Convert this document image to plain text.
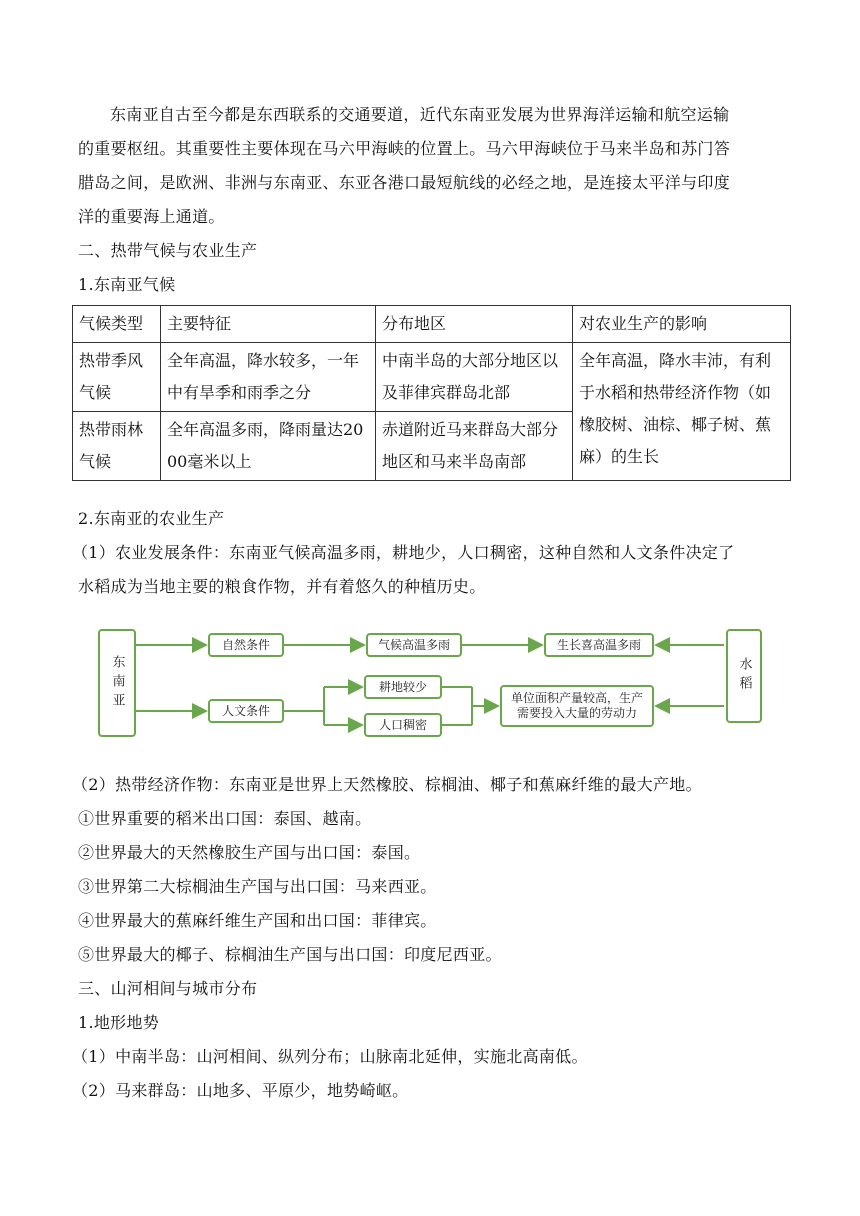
东南亚自古至今都是东西联系的交通要道，近代东南亚发展为世界海洋运输和航空运输
的重要枢纽。其重要性主要体现在马六甲海峡的位置上。马六甲海峡位于马来半岛和苏门答
腊岛之间，是欧洲、非洲与东南亚、东亚各港口最短航线的必经之地，是连接太平洋与印度
洋的重要海上通道。
二、热带气候与农业生产
1.东南亚气候
气候类型	主要特征	分布地区	对农业生产的影响
热带季风气候	全年高温，降水较多，一年中有旱季和雨季之分	中南半岛的大部分地区以及菲律宾群岛北部	全年高温，降水丰沛，有利于水稻和热带经济作物（如橡胶树、油棕、椰子树、蕉麻）的生长
热带雨林气候	全年高温多雨，降雨量达2000毫米以上	赤道附近马来群岛大部分地区和马来半岛南部	
2.东南亚的农业生产
（1）农业发展条件：东南亚气候高温多雨，耕地少，人口稠密，这种自然和人文条件决定了
水稻成为当地主要的粮食作物，并有着悠久的种植历史。
东南亚
自然条件	气候高温多雨	生长喜高温多雨
人文条件
耕地较少
人口稠密
单位面积产量较高，生产需要投入大量的劳动力
水稻
（2）热带经济作物：东南亚是世界上天然橡胶、棕榈油、椰子和蕉麻纤维的最大产地。
①世界重要的稻米出口国：泰国、越南。
②世界最大的天然橡胶生产国与出口国：泰国。
③世界第二大棕榈油生产国与出口国：马来西亚。
④世界最大的蕉麻纤维生产国和出口国：菲律宾。
⑤世界最大的椰子、棕榈油生产国与出口国：印度尼西亚。
三、山河相间与城市分布
1.地形地势
（1）中南半岛：山河相间、纵列分布；山脉南北延伸，实施北高南低。
（2）马来群岛：山地多、平原少，地势崎岖。
